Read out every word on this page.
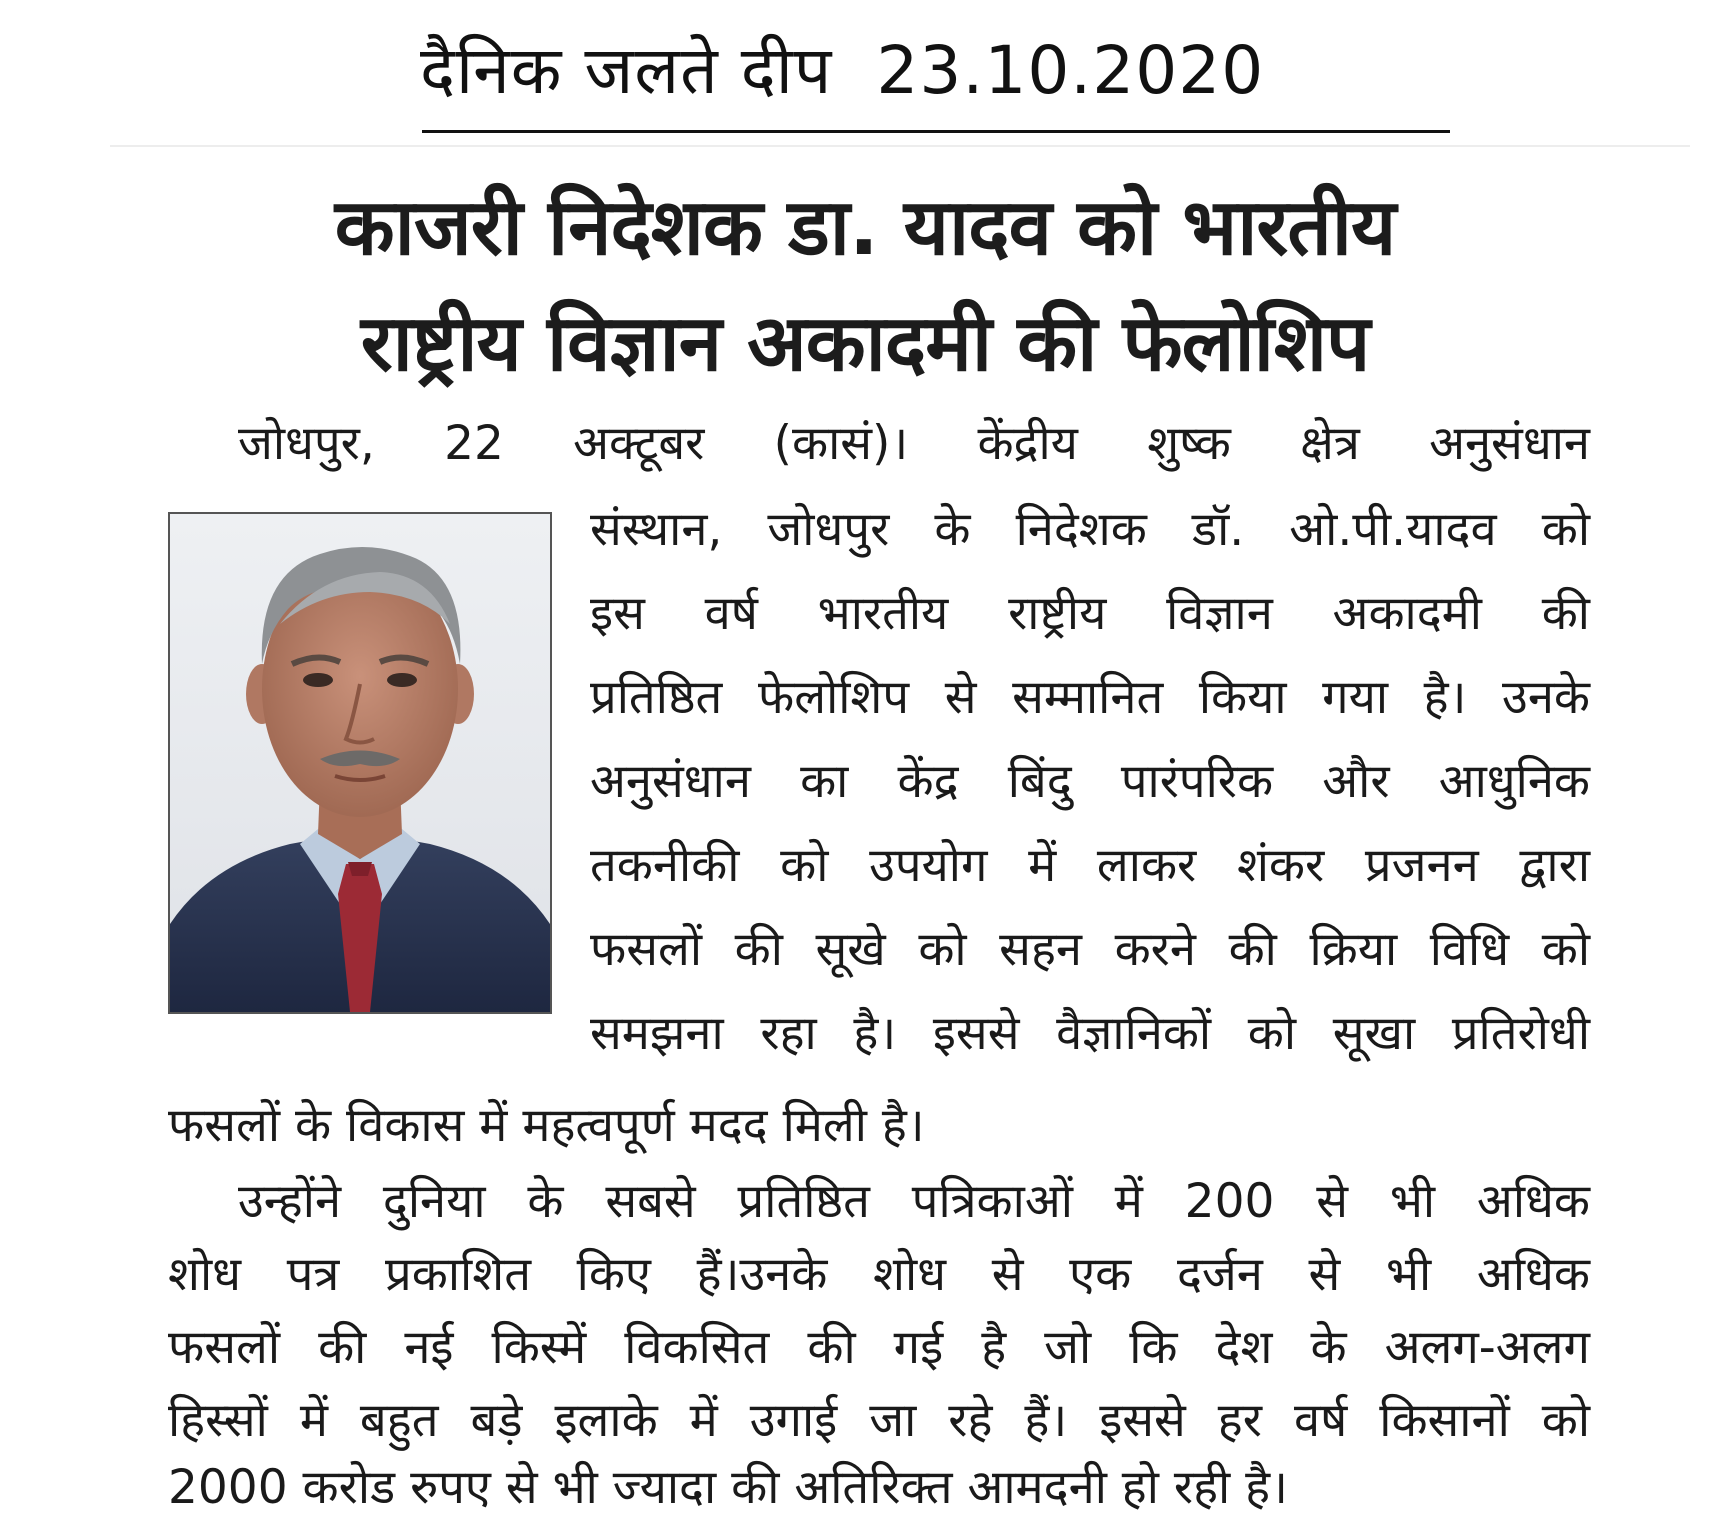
दैनिक जलते दीप 23.10.2020
काजरी निदेशक डा. यादव को भारतीय
राष्ट्रीय विज्ञान अकादमी की फेलोशिप
जोधपुर, 22 अक्टूबर (कासं)। केंद्रीय शुष्क क्षेत्र अनुसंधान
संस्थान, जोधपुर के निदेशक डॉ. ओ.पी.यादव को
इस वर्ष भारतीय राष्ट्रीय विज्ञान अकादमी की
प्रतिष्ठित फेलोशिप से सम्मानित किया गया है। उनके
अनुसंधान का केंद्र बिंदु पारंपरिक और आधुनिक
तकनीकी को उपयोग में लाकर शंकर प्रजनन द्वारा
फसलों की सूखे को सहन करने की क्रिया विधि को
समझना रहा है। इससे वैज्ञानिकों को सूखा प्रतिरोधी
फसलों के विकास में महत्वपूर्ण मदद मिली है।
उन्होंने दुनिया के सबसे प्रतिष्ठित पत्रिकाओं में 200 से भी अधिक
शोध पत्र प्रकाशित किए हैं।उनके शोध से एक दर्जन से भी अधिक
फसलों की नई किस्में विकसित की गई है जो कि देश के अलग-अलग
हिस्सों में बहुत बड़े इलाके में उगाई जा रहे हैं। इससे हर वर्ष किसानों को
2000 करोड रुपए से भी ज्यादा की अतिरिक्त आमदनी हो रही है।
